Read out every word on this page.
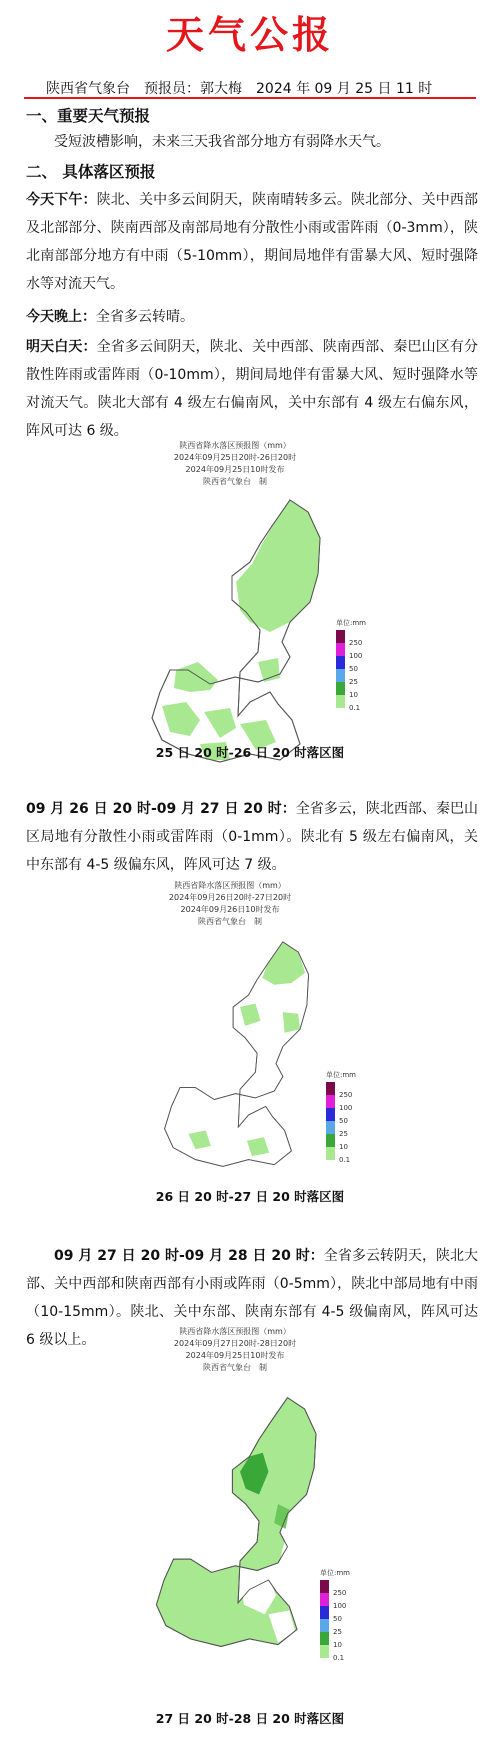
天气公报
陕西省气象台　预报员：郭大梅　2024 年 09 月 25 日 11 时
一、重要天气预报
受短波槽影响，未来三天我省部分地方有弱降水天气。
二、 具体落区预报
今天下午：陕北、关中多云间阴天，陕南晴转多云。陕北部分、关中西部及北部部分、陕南西部及南部局地有分散性小雨或雷阵雨（0-3mm），陕北南部部分地方有中雨（5-10mm），期间局地伴有雷暴大风、短时强降水等对流天气。
今天晚上：全省多云转晴。
明天白天：全省多云间阴天，陕北、关中西部、陕南西部、秦巴山区有分散性阵雨或雷阵雨（0-10mm），期间局地伴有雷暴大风、短时强降水等对流天气。陕北大部有 4 级左右偏南风，关中东部有 4 级左右偏东风，阵风可达 6 级。
陕西省降水落区预报图（mm）
2024年09月25日20时-26日20时
2024年09月25日10时发布
陕西省气象台　制
单位:mm
250
100
50
25
10
0.1
25 日 20 时-26 日 20 时落区图
09 月 26 日 20 时-09 月 27 日 20 时：全省多云，陕北西部、秦巴山区局地有分散性小雨或雷阵雨（0-1mm）。陕北有 5 级左右偏南风，关中东部有 4-5 级偏东风，阵风可达 7 级。
陕西省降水落区预报图（mm）
2024年09月26日20时-27日20时
2024年09月26日10时发布
陕西省气象台　制
单位:mm
250
100
50
25
10
0.1
26 日 20 时-27 日 20 时落区图
09 月 27 日 20 时-09 月 28 日 20 时：全省多云转阴天，陕北大部、关中西部和陕南西部有小雨或阵雨（0-5mm），陕北中部局地有中雨（10-15mm）。陕北、关中东部、陕南东部有 4-5 级偏南风，阵风可达 6 级以上。
陕西省降水落区预报图（mm）
2024年09月27日20时-28日20时
2024年09月25日10时发布
陕西省气象台　制
单位:mm
250
100
50
25
10
0.1
27 日 20 时-28 日 20 时落区图
